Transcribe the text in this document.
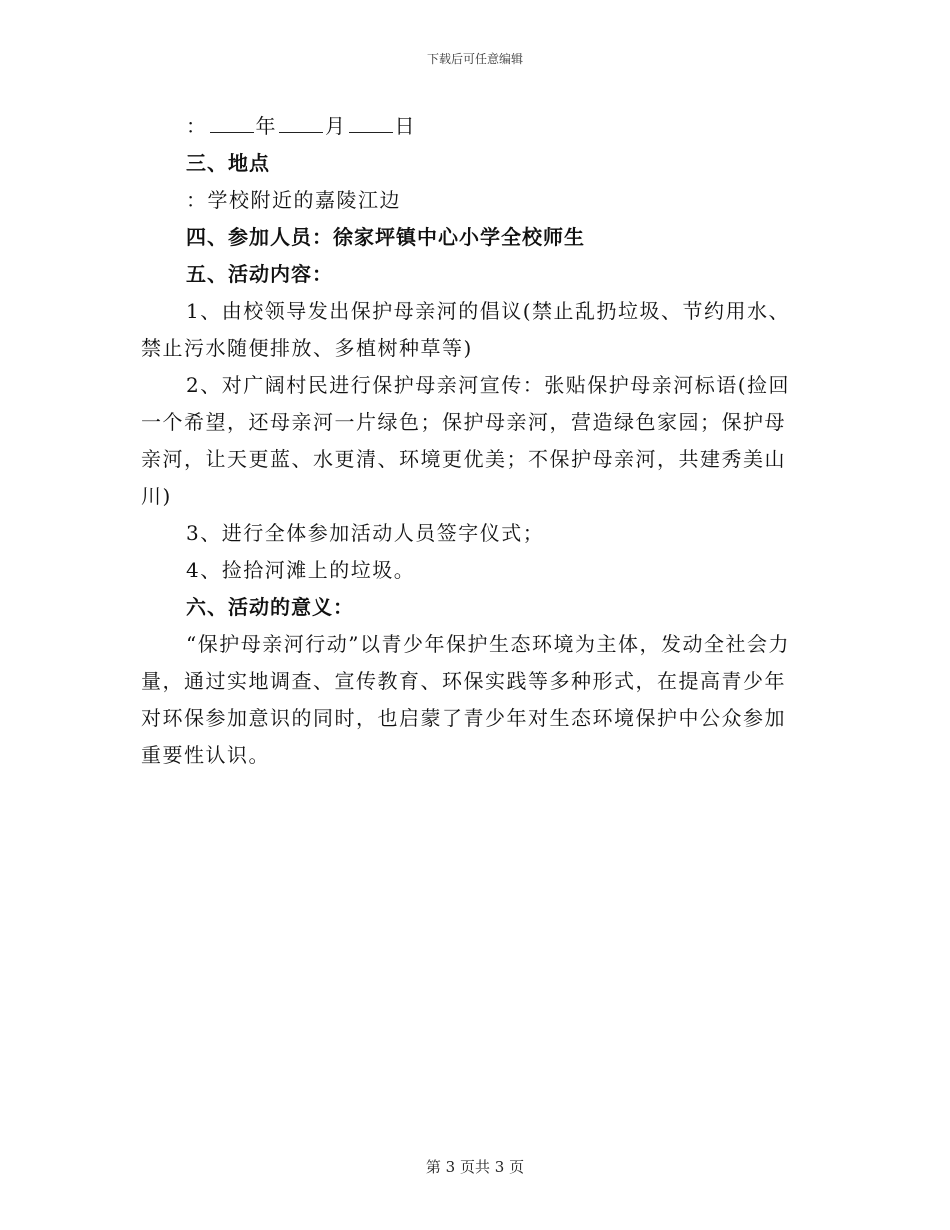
下载后可任意编辑

： 年 月 日

三、地点

：学校附近的嘉陵江边

四、参加人员：徐家坪镇中心小学全校师生

五、活动内容：

1、由校领导发出保护母亲河的倡议(禁止乱扔垃圾、节约用水、禁止污水随便排放、多植树种草等)

2、对广阔村民进行保护母亲河宣传：张贴保护母亲河标语(捡回一个希望，还母亲河一片绿色；保护母亲河，营造绿色家园；保护母亲河，让天更蓝、水更清、环境更优美；不保护母亲河，共建秀美山川)

3、进行全体参加活动人员签字仪式；

4、捡拾河滩上的垃圾。

六、活动的意义：

“保护母亲河行动”以青少年保护生态环境为主体，发动全社会力量，通过实地调查、宣传教育、环保实践等多种形式，在提高青少年对环保参加意识的同时，也启蒙了青少年对生态环境保护中公众参加重要性认识。

第 3 页共 3 页
